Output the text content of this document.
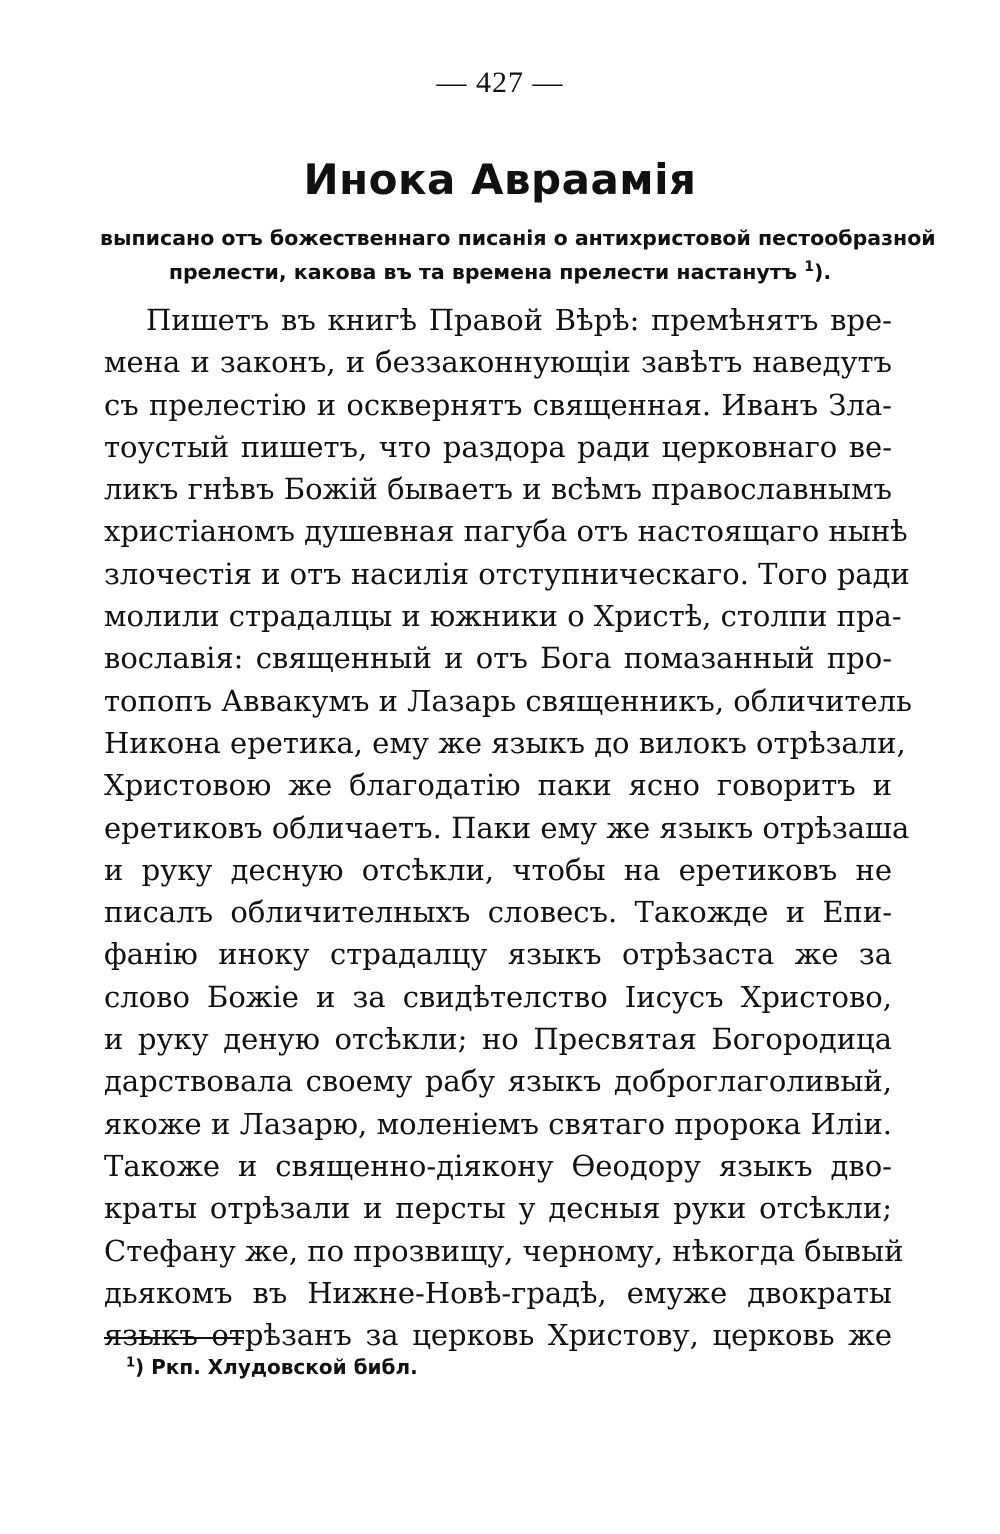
— 427 —
Инока Авраамія
выписано отъ божественнаго писанія о антихристовой пестообразной
прелести, какова въ та времена прелести настанутъ $^1$).
Пишетъ въ книгѣ Правой Вѣрѣ: премѣнятъ вре-
мена и законъ, и беззаконнующіи завѣтъ наведутъ
съ прелестію и осквернятъ священная. Иванъ Зла-
тоустый пишетъ, что раздора ради церковнаго ве-
ликъ гнѣвъ Божій бываетъ и всѣмъ православнымъ
христіаномъ душевная пагуба отъ настоящаго нынѣ
злочестія и отъ насилія отступническаго. Того ради
молили страдалцы и южники о Христѣ, столпи пра-
вославія: священный и отъ Бога помазанный про-
топопъ Аввакумъ и Лазарь священникъ, обличитель
Никона еретика, ему же языкъ до вилокъ отрѣзали,
Христовою же благодатію паки ясно говоритъ и
еретиковъ обличаетъ. Паки ему же языкъ отрѣзаша
и руку десную отсѣкли, чтобы на еретиковъ не
писалъ обличителныхъ словесъ. Такожде и Епи-
фанію иноку страдалцу языкъ отрѣзаста же за
слово Божіе и за свидѣтелство Іисусъ Христово,
и руку деную отсѣкли; но Пресвятая Богородица
дарствовала своему рабу языкъ доброглаголивый,
якоже и Лазарю, моленіемъ святаго пророка Иліи.
Такоже и священно-діякону Ѳеодору языкъ дво-
краты отрѣзали и персты у десныя руки отсѣкли;
Стефану же, по прозвищу, черному, нѣкогда бывый
дьякомъ въ Нижне-Новѣ-градѣ, емуже двократы
языкъ отрѣзанъ за церковь Христову, церковь же
$^1$) Ркп. Хлудовской библ.
